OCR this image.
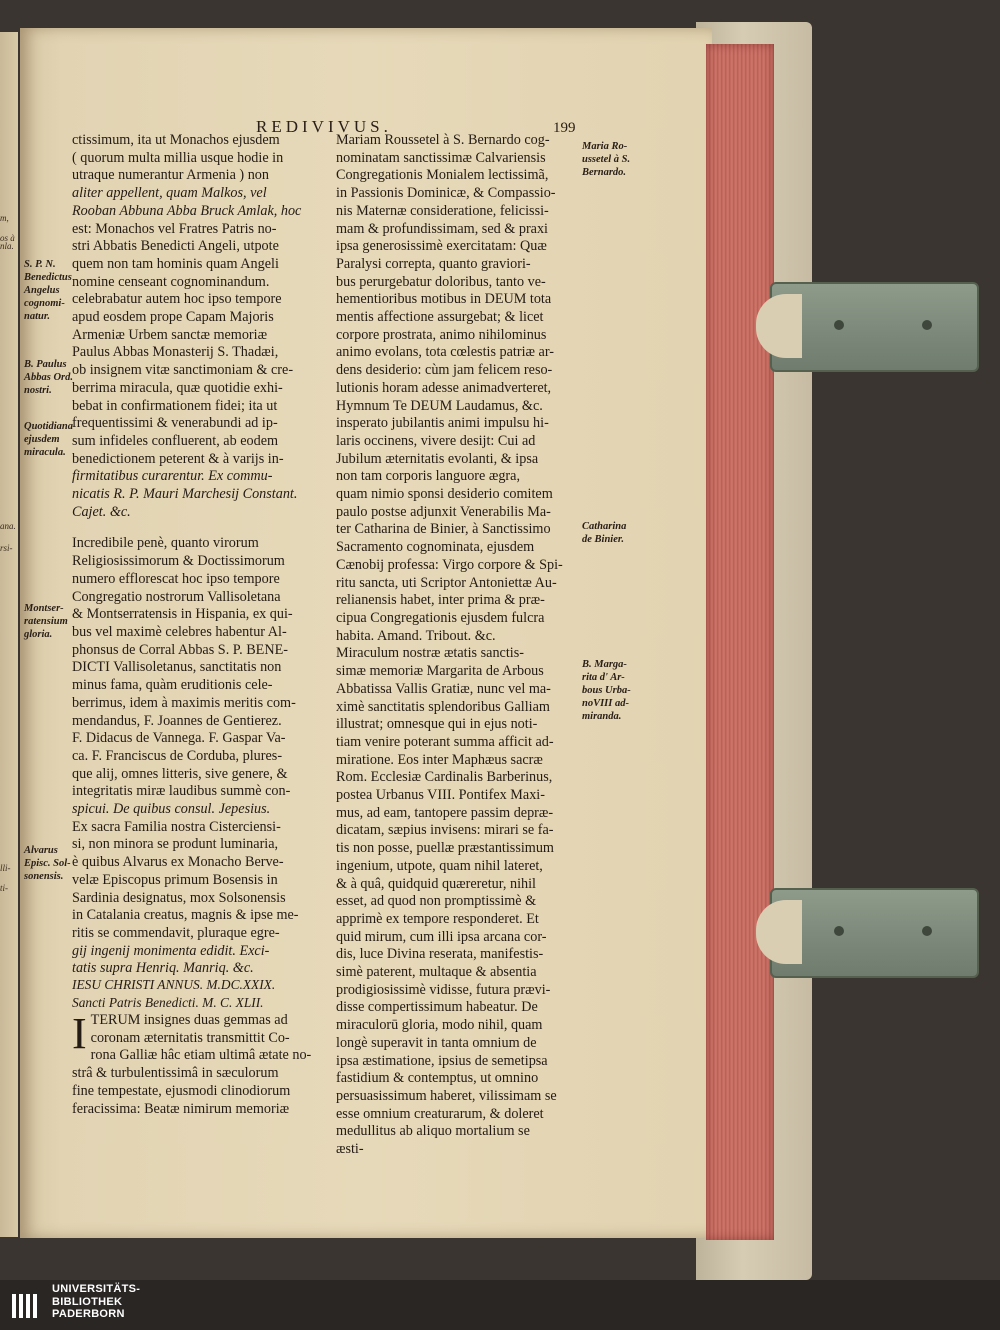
m,
os à
nla.
ana.
rsi-
lli-
ti-
REDIVIVUS.	199
ctissimum, ita ut Monachos ejusdem
( quorum multa millia usque hodie in
utraque numerantur Armenia ) non
aliter appellent, quam Malkos, vel
Rooban Abbuna Abba Bruck Amlak, hoc
est: Monachos vel Fratres Patris no-
stri Abbatis Benedicti Angeli, utpote
quem non tam hominis quam Angeli
nomine censeant cognominandum.
celebrabatur autem hoc ipso tempore
apud eosdem prope Capam Majoris
Armeniæ Urbem sanctæ memoriæ
Paulus Abbas Monasterij S. Thadæi,
ob insignem vitæ sanctimoniam & cre-
berrima miracula, quæ quotidie exhi-
bebat in confirmationem fidei; ita ut
frequentissimi & venerabundi ad ip-
sum infideles confluerent, ab eodem
benedictionem peterent & à varijs in-
firmitatibus curarentur. Ex commu-
nicatis R. P. Mauri Marchesij Constant.
Cajet. &c.
Incredibile penè, quanto virorum
Religiosissimorum & Doctissimorum
numero efflorescat hoc ipso tempore
Congregatio nostrorum Vallisoletana
& Montserratensis in Hispania, ex qui-
bus vel maximè celebres habentur Al-
phonsus de Corral Abbas S. P. BENE-
DICTI Vallisoletanus, sanctitatis non
minus fama, quàm eruditionis cele-
berrimus, idem à maximis meritis com-
mendandus, F. Joannes de Gentierez.
F. Didacus de Vannega. F. Gaspar Va-
ca. F. Franciscus de Corduba, plures-
que alij, omnes litteris, sive genere, &
integritatis miræ laudibus summè con-
spicui. De quibus consul. Jepesius.
Ex sacra Familia nostra Cisterciensi-
si, non minora se produnt luminaria,
è quibus Alvarus ex Monacho Berve-
velæ Episcopus primum Bosensis in
Sardinia designatus, mox Solsonensis
in Catalania creatus, magnis & ipse me-
ritis se commendavit, pluraque egre-
gij ingenij monimenta edidit. Exci-
tatis supra Henriq. Manriq. &c.
IESU CHRISTI ANNUS. M.DC.XXIX.
Sancti Patris Benedicti. M. C. XLII.
I TERUM insignes duas gemmas ad
coronam æternitatis transmittit Co-
rona Galliæ hâc etiam ultimâ ætate no-
strâ & turbulentissimâ in sæculorum
fine tempestate, ejusmodi clinodiorum
feracissima: Beatæ nimirum memoriæ
Mariam Roussetel à S. Bernardo cog-
nominatam sanctissimæ Calvariensis
Congregationis Monialem lectissimã,
in Passionis Dominicæ, & Compassio-
nis Maternæ consideratione, felicissi-
mam & profundissimam, sed & praxi
ipsa generosissimè exercitatam: Quæ
Paralysi correpta, quanto graviori-
bus perurgebatur doloribus, tanto ve-
hementioribus motibus in DEUM tota
mentis affectione assurgebat; & licet
corpore prostrata, animo nihilominus
animo evolans, tota cœlestis patriæ ar-
dens desiderio: cùm jam felicem reso-
lutionis horam adesse animadverteret,
Hymnum Te DEUM Laudamus, &c.
insperato jubilantis animi impulsu hi-
laris occinens, vivere desijt: Cui ad
Jubilum æternitatis evolanti, & ipsa
non tam corporis languore ægra,
quam nimio sponsi desiderio comitem
paulo postse adjunxit Venerabilis Ma-
ter Catharina de Binier, à Sanctissimo
Sacramento cognominata, ejusdem
Cænobij professa: Virgo corpore & Spi-
ritu sancta, uti Scriptor Antoniettæ Au-
relianensis habet, inter prima & præ-
cipua Congregationis ejusdem fulcra
habita. Amand. Tribout. &c.
Miraculum nostræ ætatis sanctis-
simæ memoriæ Margarita de Arbous
Abbatissa Vallis Gratiæ, nunc vel ma-
ximè sanctitatis splendoribus Galliam
illustrat; omnesque qui in ejus noti-
tiam venire poterant summa afficit ad-
miratione. Eos inter Maphæus sacræ
Rom. Ecclesiæ Cardinalis Barberinus,
postea Urbanus VIII. Pontifex Maxi-
mus, ad eam, tantopere passim depræ-
dicatam, sæpius invisens: mirari se fa-
tis non posse, puellæ præstantissimum
ingenium, utpote, quam nihil lateret,
& à quâ, quidquid quæreretur, nihil
esset, ad quod non promptissimè &
apprimè ex tempore responderet. Et
quid mirum, cum illi ipsa arcana cor-
dis, luce Divina reserata, manifestis-
simè paterent, multaque & absentia
prodigiosissimè vidisse, futura prævi-
disse compertissimum habeatur. De
miraculorū gloria, modo nihil, quam
longè superavit in tanta omnium de
ipsa æstimatione, ipsius de semetipsa
fastidium & contemptus, ut omnino
persuasissimum haberet, vilissimam se
esse omnium creaturarum, & doleret
medullitus ab aliquo mortalium se
æsti-
S. P. N.
Benedictus
Angelus
cognomi-
natur.
B. Paulus
Abbas Ord.
nostri.
Quotidiana
ejusdem
miracula.
Montser-
ratensium
gloria.
Alvarus
Episc. Sol-
sonensis.
Maria Ro-
ussetel à S.
Bernardo.
Catharina
de Binier.
B. Marga-
rita d' Ar-
bous Urba-
noVIII ad-
miranda.
UNIVERSITÄTS-
BIBLIOTHEK
PADERBORN
